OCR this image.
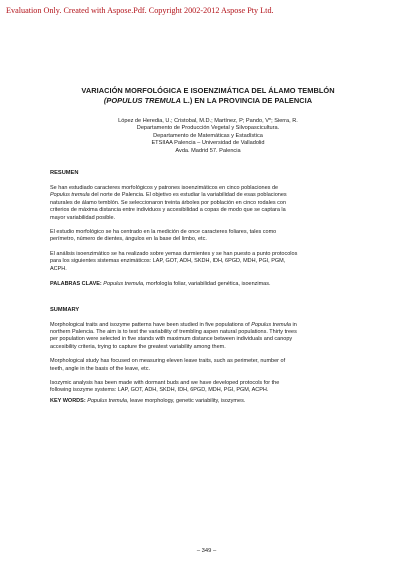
Evaluation Only. Created with Aspose.Pdf. Copyright 2002-2012 Aspose Pty Ltd.
VARIACIÓN MORFOLÓGICA E ISOENZIMÁTICA DEL ÁLAMO TEMBLÓN
(POPULUS TREMULA L.) EN LA PROVINCIA DE PALENCIA
López de Heredia, U.; Cristobal, M.D.; Martínez, P; Pando, V*; Sierra, R.
Departamento de Producción Vegetal y Silvopascicultura.
Departamento de Matemáticas y Estadística
ETSIIAA Palencia – Universidad de Valladolid
Avda. Madrid 57. Palencia
RESUMEN
Se han estudiado caracteres morfológicos y patrones isoenzimáticos en cinco poblaciones de
Populus tremula del norte de Palencia. El objetivo es estudiar la variabilidad de esas poblaciones
naturales de álamo temblón. Se seleccionaron treinta árboles por población en cinco rodales con
criterios de máxima distancia entre individuos y accesibilidad a copas de modo que se captara la
mayor variabilidad posible.
El estudio morfológico se ha centrado en la medición de once caracteres foliares, tales como
perímetro, número de dientes, ángulos en la base del limbo, etc.
El análisis isoenzimático se ha realizado sobre yemas durmientes y se han puesto a punto protocolos
para los siguientes sistemas enzimáticos: LAP, GOT, ADH, SKDH, IDH, 6PGD, MDH, PGI, PGM,
ACPH.
PALABRAS CLAVE: Populus tremula, morfología foliar, variabilidad genética, isoenzimas.
SUMMARY
Morphological traits and isozyme patterns have been studied in five populations of Populus tremula in
northern Palencia. The aim is to test the variability of trembling aspen natural populations. Thirty trees
per population were selected in five stands with maximum distance between individuals and canopy
accesibility criteria, trying to capture the greatest variability among them.
Morphological study has focused on measuring eleven leave traits, such as perimeter, number of
teeth, angle in the basis of the leave, etc.
Isozymic analysis has been made with dormant buds and we have developed protocols for the
following isozyme systems: LAP, GOT, ADH, SKDH, IDH, 6PGD, MDH, PGI, PGM, ACPH.
KEY WORDS: Populus tremula, leave morphology, genetic variability, isozymes.
– 349 –
